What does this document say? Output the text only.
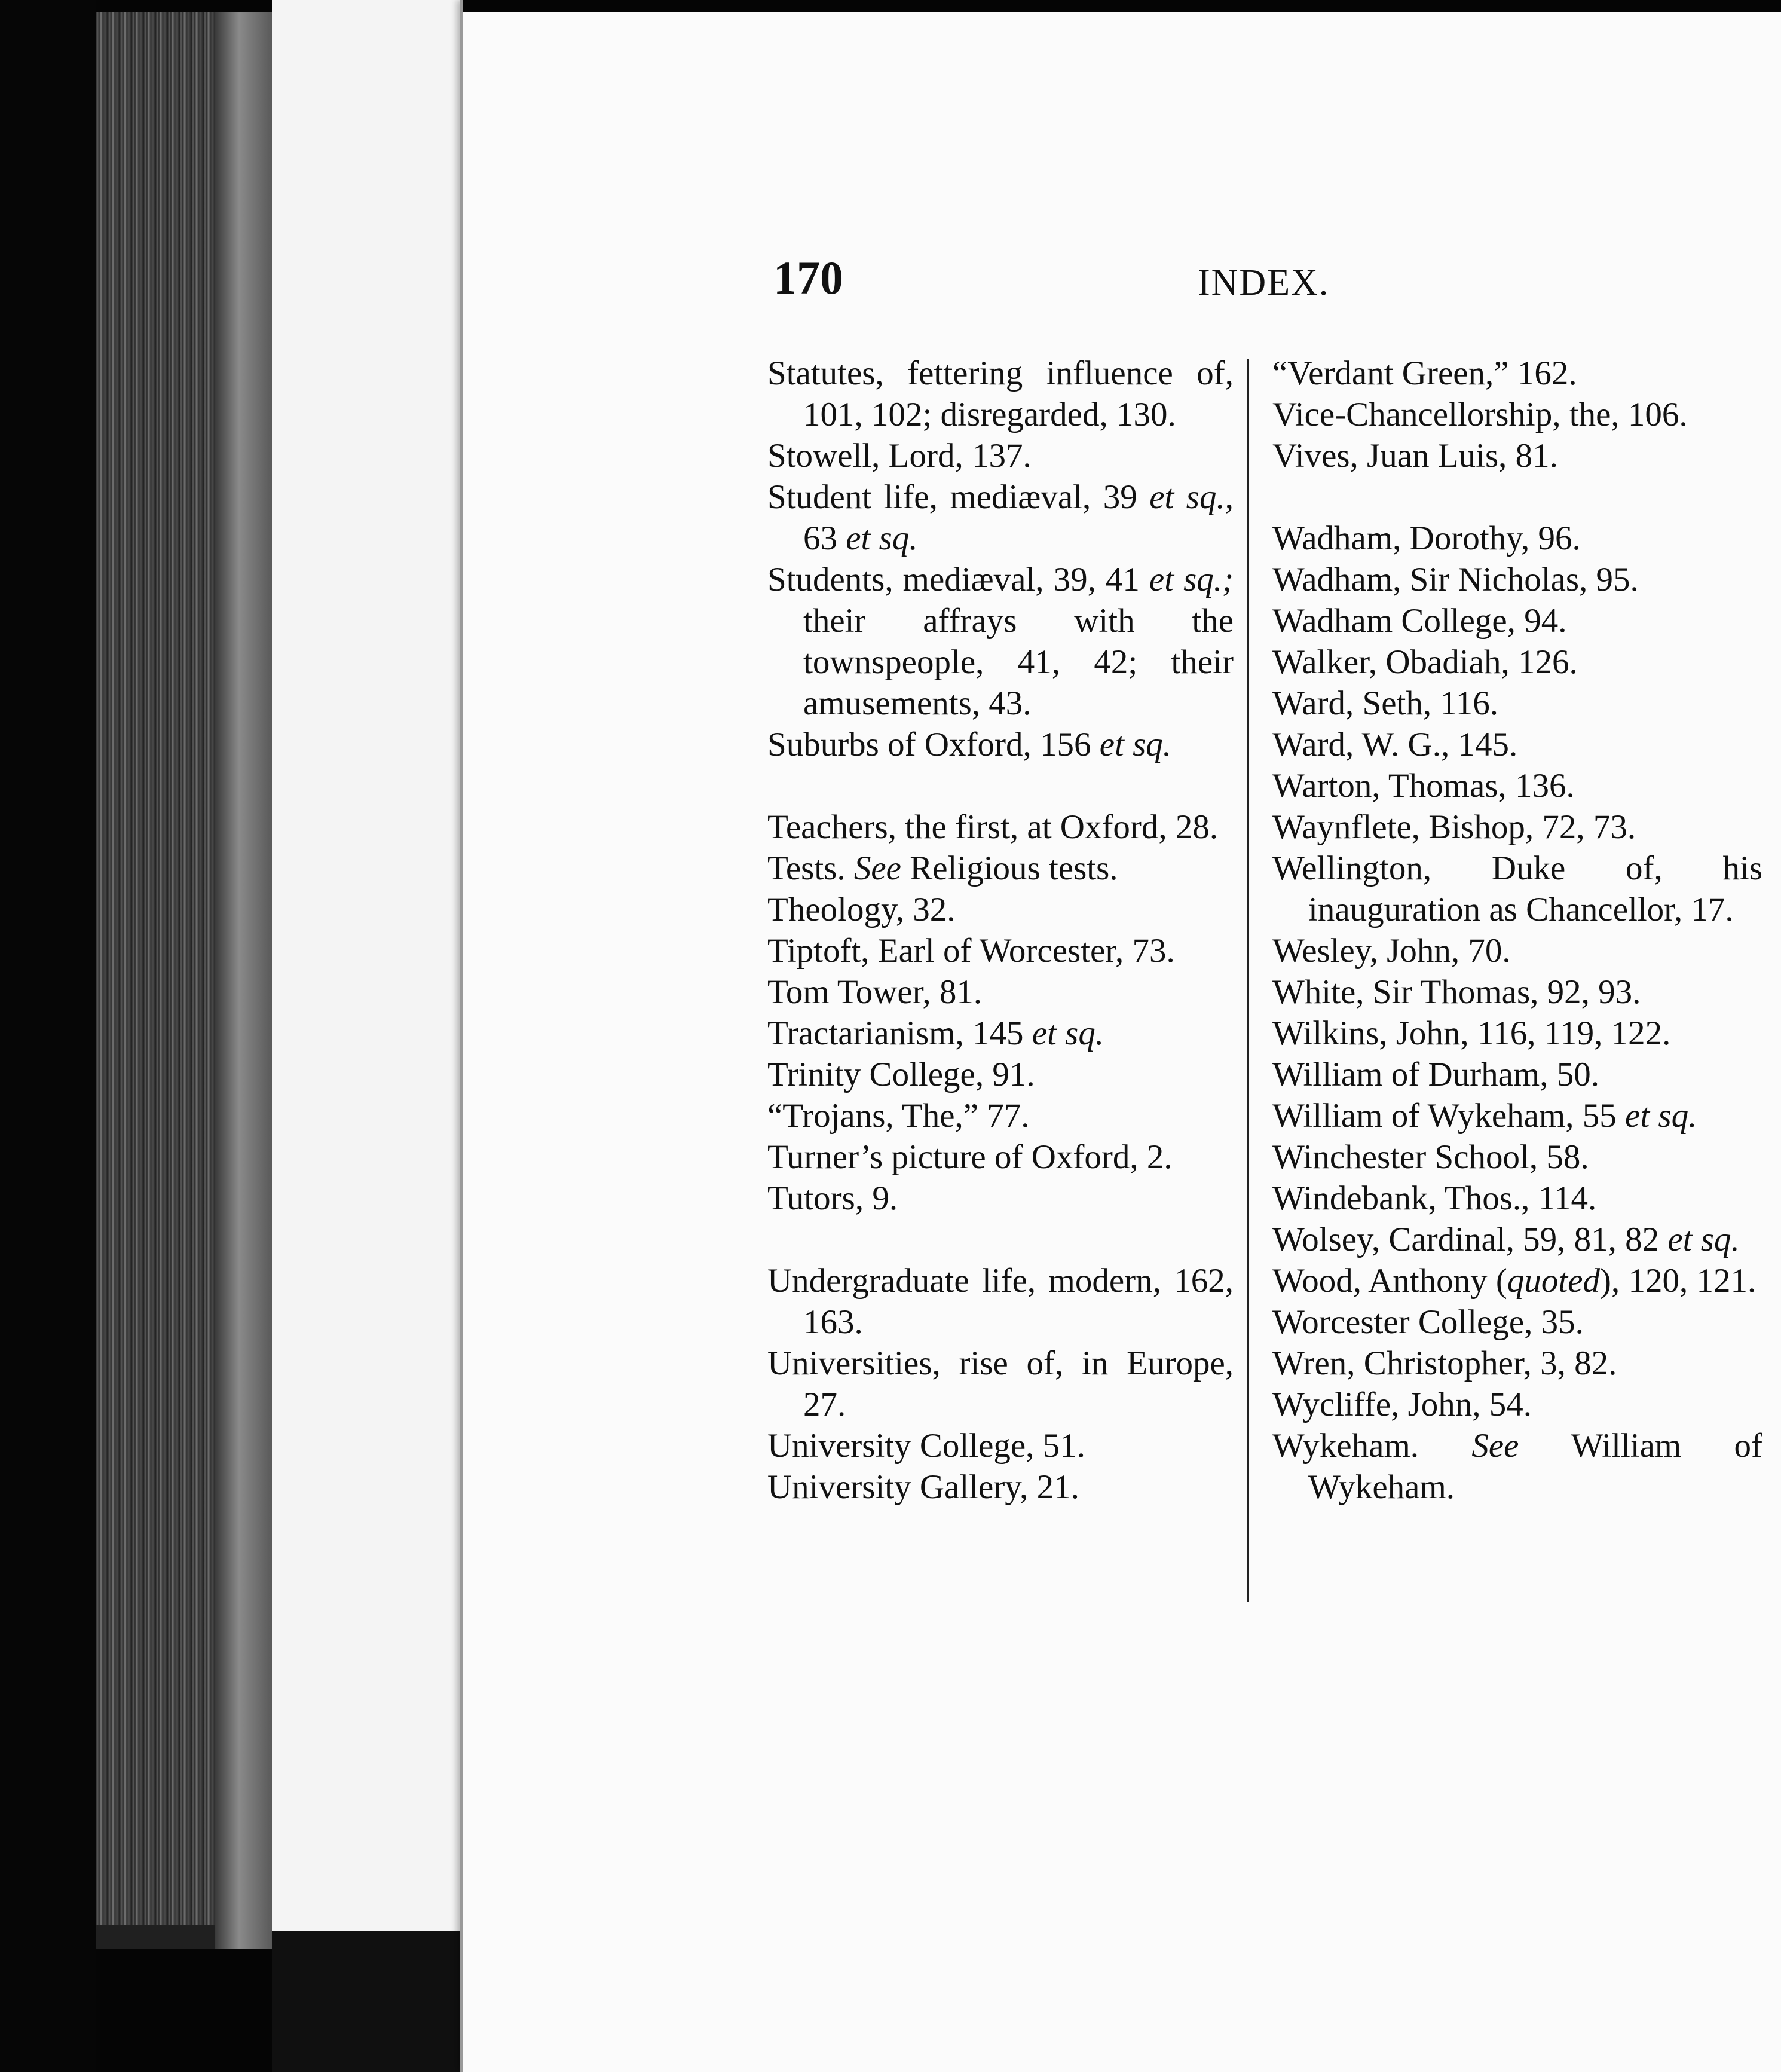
170	INDEX.

Statutes, fettering influence of, 101, 102; disregarded, 130.

Stowell, Lord, 137.

Student life, mediæval, 39 et sq., 63 et sq.

Students, mediæval, 39, 41 et sq.; their affrays with the townspeople, 41, 42; their amusements, 43.

Suburbs of Oxford, 156 et sq.

Teachers, the first, at Oxford, 28.

Tests. See Religious tests.

Theology, 32.

Tiptoft, Earl of Worcester, 73.

Tom Tower, 81.

Tractarianism, 145 et sq.

Trinity College, 91.

“Trojans, The,” 77.

Turner’s picture of Oxford, 2.

Tutors, 9.

Undergraduate life, modern, 162, 163.

Universities, rise of, in Europe, 27.

University College, 51.

University Gallery, 21.

“Verdant Green,” 162.

Vice-Chancellorship, the, 106.

Vives, Juan Luis, 81.

Wadham, Dorothy, 96.

Wadham, Sir Nicholas, 95.

Wadham College, 94.

Walker, Obadiah, 126.

Ward, Seth, 116.

Ward, W. G., 145.

Warton, Thomas, 136.

Waynflete, Bishop, 72, 73.

Wellington, Duke of, his inauguration as Chancellor, 17.

Wesley, John, 70.

White, Sir Thomas, 92, 93.

Wilkins, John, 116, 119, 122.

William of Durham, 50.

William of Wykeham, 55 et sq.

Winchester School, 58.

Windebank, Thos., 114.

Wolsey, Cardinal, 59, 81, 82 et sq.

Wood, Anthony (quoted), 120, 121.

Worcester College, 35.

Wren, Christopher, 3, 82.

Wycliffe, John, 54.

Wykeham. See William of Wykeham.
